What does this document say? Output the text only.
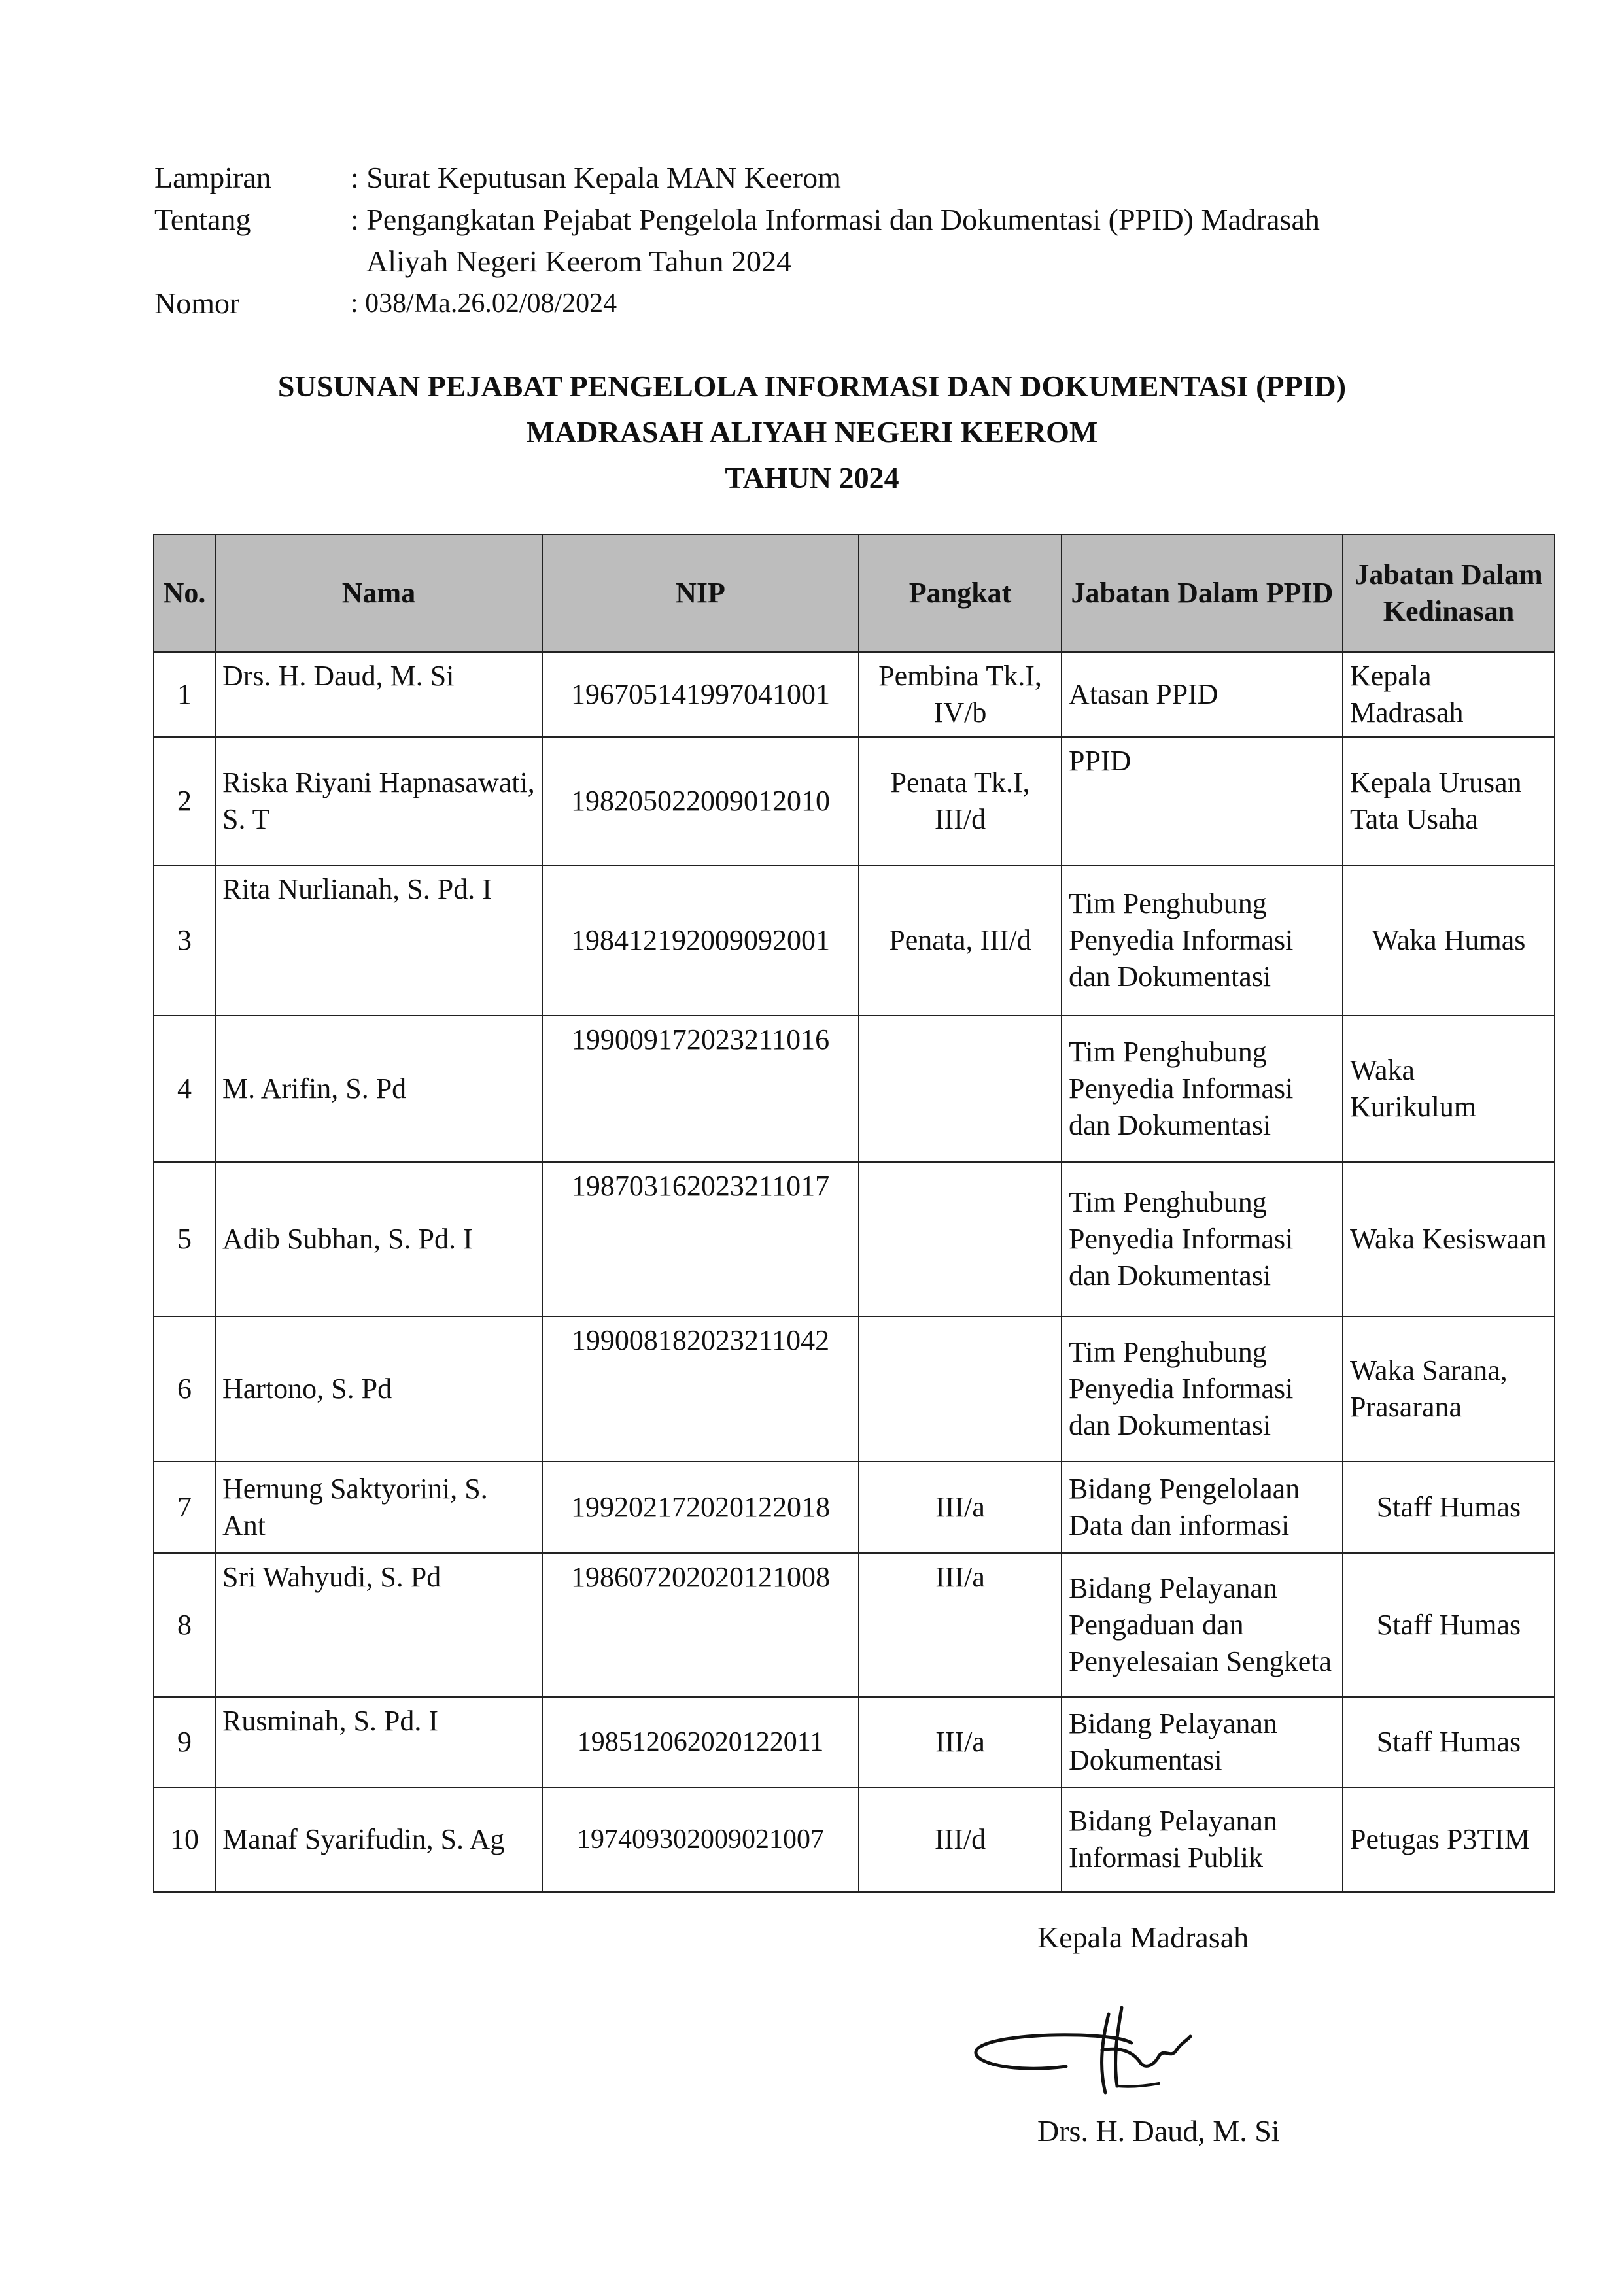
Lampiran	: Surat Keputusan Kepala MAN Keerom
Tentang	: Pengangkatan Pejabat Pengelola Informasi dan Dokumentasi (PPID) Madrasah
Aliyah Negeri Keerom Tahun 2024
Nomor	: 038/Ma.26.02/08/2024
SUSUNAN PEJABAT PENGELOLA INFORMASI DAN DOKUMENTASI (PPID)
MADRASAH ALIYAH NEGERI KEEROM
TAHUN 2024
No.	Nama	NIP	Pangkat	Jabatan Dalam PPID	Jabatan Dalam Kedinasan
1	Drs. H. Daud, M. Si	196705141997041001	Pembina Tk.I, IV/b	Atasan PPID	Kepala Madrasah
2	Riska Riyani Hapnasawati, S. T	198205022009012010	Penata Tk.I, III/d	PPID	Kepala Urusan Tata Usaha
3	Rita Nurlianah, S. Pd. I	198412192009092001	Penata, III/d	Tim Penghubung Penyedia Informasi dan Dokumentasi	Waka Humas
4	M. Arifin, S. Pd	199009172023211016		Tim Penghubung Penyedia Informasi dan Dokumentasi	Waka Kurikulum
5	Adib Subhan, S. Pd. I	198703162023211017		Tim Penghubung Penyedia Informasi dan Dokumentasi	Waka Kesiswaan
6	Hartono, S. Pd	199008182023211042		Tim Penghubung Penyedia Informasi dan Dokumentasi	Waka Sarana, Prasarana
7	Hernung Saktyorini, S. Ant	199202172020122018	III/a	Bidang Pengelolaan Data dan informasi	Staff Humas
8	Sri Wahyudi, S. Pd	198607202020121008	III/a	Bidang Pelayanan Pengaduan dan Penyelesaian Sengketa	Staff Humas
9	Rusminah, S. Pd. I	198512062020122011	III/a	Bidang Pelayanan Dokumentasi	Staff Humas
10	Manaf Syarifudin, S. Ag	197409302009021007	III/d	Bidang Pelayanan Informasi Publik	Petugas P3TIM
Kepala Madrasah
Drs. H. Daud, M. Si
